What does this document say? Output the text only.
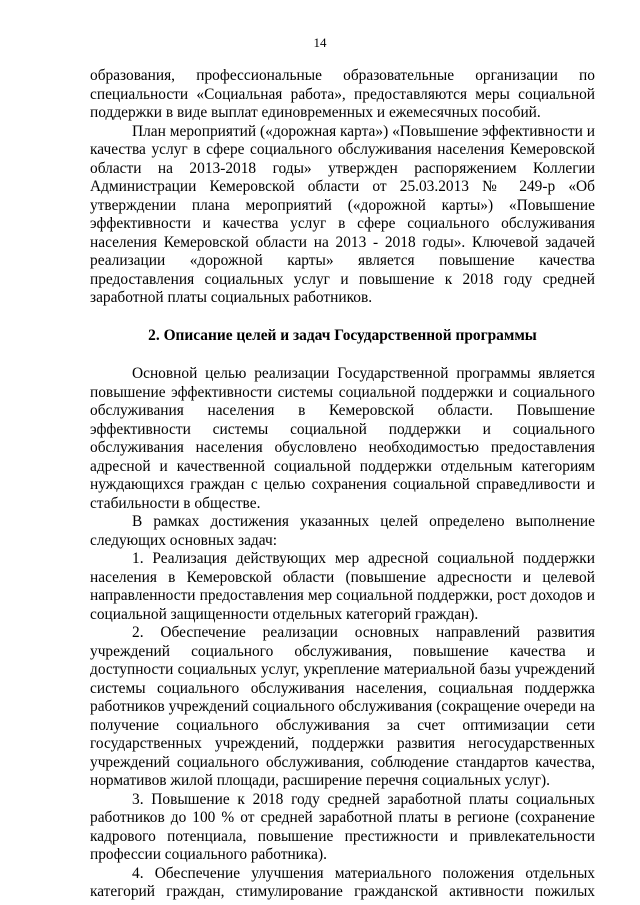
14

образования, профессиональные образовательные организации по специальности «Социальная работа», предоставляются меры социальной поддержки в виде выплат единовременных и ежемесячных пособий.

План мероприятий («дорожная карта») «Повышение эффективности и качества услуг в сфере социального обслуживания населения Кемеровской области на 2013-2018 годы» утвержден распоряжением Коллегии Администрации Кемеровской области от 25.03.2013 № 249-р «Об утверждении плана мероприятий («дорожной карты») «Повышение эффективности и качества услуг в сфере социального обслуживания населения Кемеровской области на 2013 - 2018 годы». Ключевой задачей реализации «дорожной карты» является повышение качества предоставления социальных услуг и повышение к 2018 году средней заработной платы социальных работников.

2. Описание целей и задач Государственной программы

Основной целью реализации Государственной программы является повышение эффективности системы социальной поддержки и социального обслуживания населения в Кемеровской области. Повышение эффективности системы социальной поддержки и социального обслуживания населения обусловлено необходимостью предоставления адресной и качественной социальной поддержки отдельным категориям нуждающихся граждан с целью сохранения социальной справедливости и стабильности в обществе.

В рамках достижения указанных целей определено выполнение следующих основных задач:

1. Реализация действующих мер адресной социальной поддержки населения в Кемеровской области (повышение адресности и целевой направленности предоставления мер социальной поддержки, рост доходов и социальной защищенности отдельных категорий граждан).

2. Обеспечение реализации основных направлений развития учреждений социального обслуживания, повышение качества и доступности социальных услуг, укрепление материальной базы учреждений системы социального обслуживания населения, социальная поддержка работников учреждений социального обслуживания (сокращение очереди на получение социального обслуживания за счет оптимизации сети государственных учреждений, поддержки развития негосударственных учреждений социального обслуживания, соблюдение стандартов качества, нормативов жилой площади, расширение перечня социальных услуг).

3. Повышение к 2018 году средней заработной платы социальных работников до 100 % от средней заработной платы в регионе (сохранение кадрового потенциала, повышение престижности и привлекательности профессии социального работника).

4. Обеспечение улучшения материального положения отдельных категорий граждан, стимулирование гражданской активности пожилых
